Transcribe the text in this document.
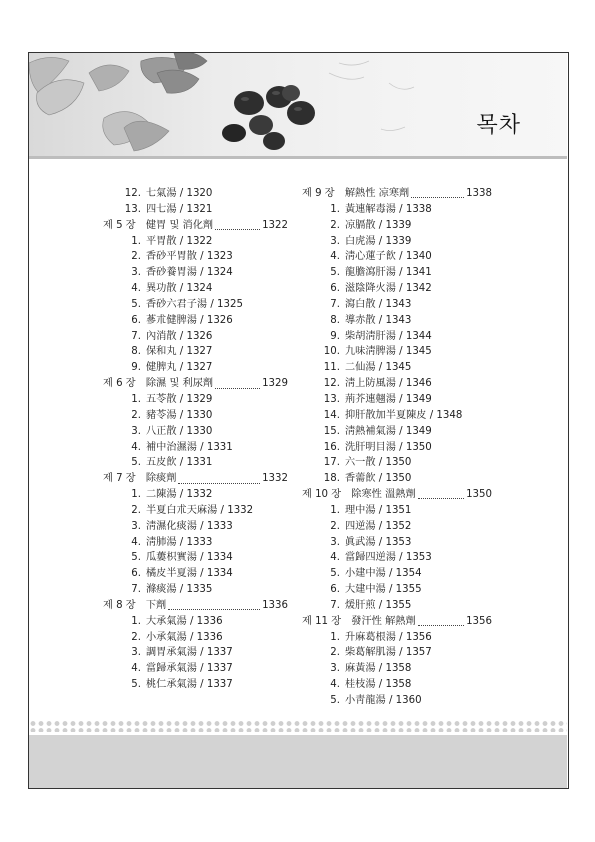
목차
12. 七氣湯 / 1320
13. 四七湯 / 1321
제 5 장　健胃 및 消化劑	1322
1. 平胃散 / 1322
2. 香砂平胃散 / 1323
3. 香砂養胃湯 / 1324
4. 異功散 / 1324
5. 香砂六君子湯 / 1325
6. 蔘朮健脾湯 / 1326
7. 內消散 / 1326
8. 保和丸 / 1327
9. 健脾丸 / 1327
제 6 장　除濕 및 利尿劑	1329
1. 五苓散 / 1329
2. 豬苓湯 / 1330
3. 八正散 / 1330
4. 補中治濕湯 / 1331
5. 五皮飮 / 1331
제 7 장　除痰劑	1332
1. 二陳湯 / 1332
2. 半夏白朮天麻湯 / 1332
3. 淸濕化痰湯 / 1333
4. 淸肺湯 / 1333
5. 瓜蔞枳實湯 / 1334
6. 橘皮半夏湯 / 1334
7. 滌痰湯 / 1335
제 8 장　下劑	1336
1. 大承氣湯 / 1336
2. 小承氣湯 / 1336
3. 調胃承氣湯 / 1337
4. 當歸承氣湯 / 1337
5. 桃仁承氣湯 / 1337
제 9 장　解熱性 凉寒劑	1338
1. 黃連解毒湯 / 1338
2. 凉膈散 / 1339
3. 白虎湯 / 1339
4. 淸心蓮子飮 / 1340
5. 龍膽瀉肝湯 / 1341
6. 滋陰降火湯 / 1342
7. 瀉白散 / 1343
8. 導赤散 / 1343
9. 柴胡淸肝湯 / 1344
10. 九味淸脾湯 / 1345
11. 二仙湯 / 1345
12. 淸上防風湯 / 1346
13. 荊芥連翹湯 / 1349
14. 抑肝散加半夏陳皮 / 1348
15. 淸熱補氣湯 / 1349
16. 洗肝明目湯 / 1350
17. 六一散 / 1350
18. 香薷飮 / 1350
제 10 장　除寒性 溫熱劑	1350
1. 理中湯 / 1351
2. 四逆湯 / 1352
3. 眞武湯 / 1353
4. 當歸四逆湯 / 1353
5. 小建中湯 / 1354
6. 大建中湯 / 1355
7. 煖肝煎 / 1355
제 11 장　發汗性 解熱劑	1356
1. 升麻葛根湯 / 1356
2. 柴葛解肌湯 / 1357
3. 麻黃湯 / 1358
4. 桂枝湯 / 1358
5. 小靑龍湯 / 1360
